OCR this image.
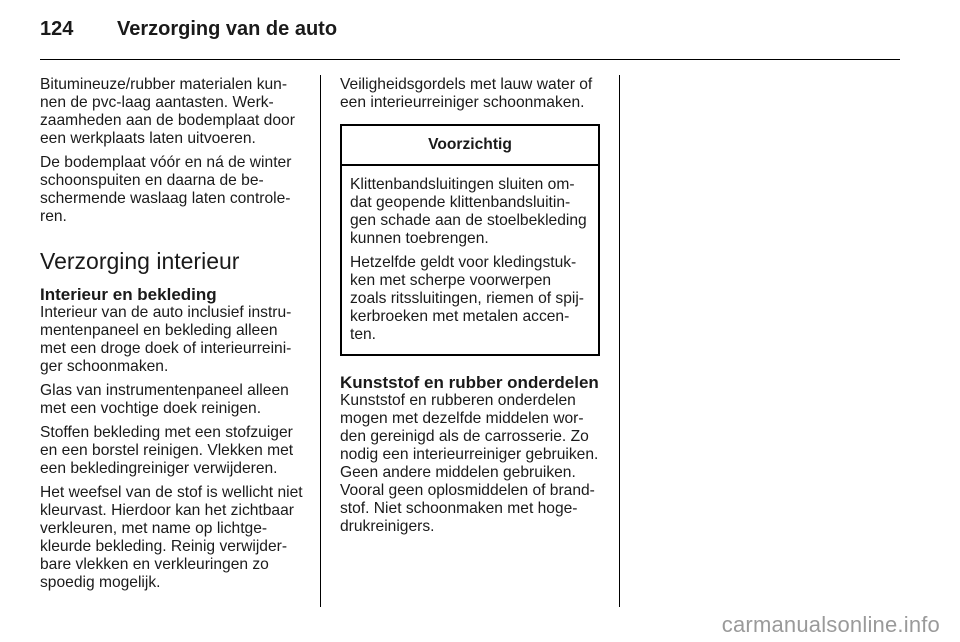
124 Verzorging van de auto

Bitumineuze/rubber materialen kun-
nen de pvc-laag aantasten. Werk-
zaamheden aan de bodemplaat door
een werkplaats laten uitvoeren.

De bodemplaat vóór en ná de winter
schoonspuiten en daarna de be-
schermende waslaag laten controle-
ren.

Verzorging interieur
Interieur en bekleding

Interieur van de auto inclusief instru-
mentenpaneel en bekleding alleen
met een droge doek of interieurreini-
ger schoonmaken.

Glas van instrumentenpaneel alleen
met een vochtige doek reinigen.

Stoffen bekleding met een stofzuiger
en een borstel reinigen. Vlekken met
een bekledingreiniger verwijderen.

Het weefsel van de stof is wellicht niet
kleurvast. Hierdoor kan het zichtbaar
verkleuren, met name op lichtge-
kleurde bekleding. Reinig verwijder-
bare vlekken en verkleuringen zo
spoedig mogelijk.

Veiligheidsgordels met lauw water of
een interieurreiniger schoonmaken.

Voorzichtig

Klittenbandsluitingen sluiten om-
dat geopende klittenbandsluitin-
gen schade aan de stoelbekleding
kunnen toebrengen.

Hetzelfde geldt voor kledingstuk-
ken met scherpe voorwerpen
zoals ritssluitingen, riemen of spij-
kerbroeken met metalen accen-
ten.

Kunststof en rubber onderdelen

Kunststof en rubberen onderdelen
mogen met dezelfde middelen wor-
den gereinigd als de carrosserie. Zo
nodig een interieurreiniger gebruiken.
Geen andere middelen gebruiken.
Vooral geen oplosmiddelen of brand-
stof. Niet schoonmaken met hoge-
drukreinigers.

carmanualsonline.info
